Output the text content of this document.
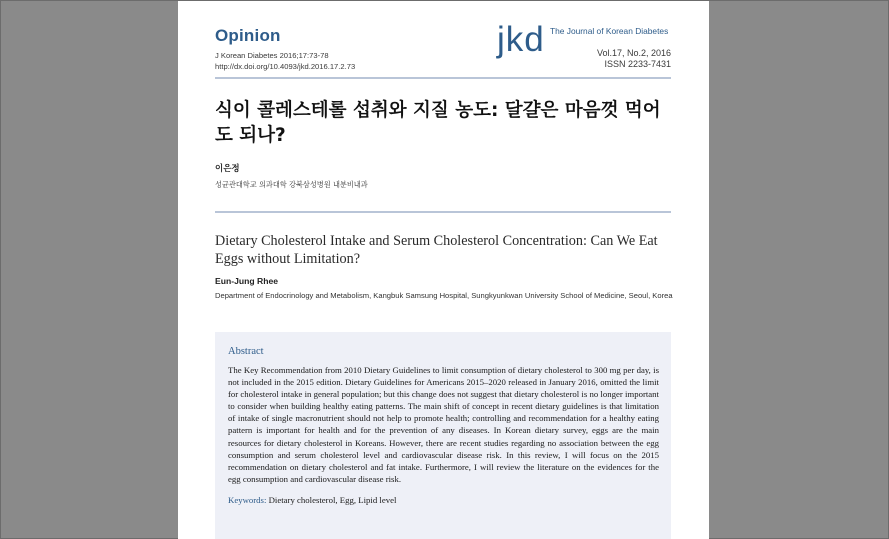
Opinion
J Korean Diabetes 2016;17:73-78
http://dx.doi.org/10.4093/jkd.2016.17.2.73
jkd The Journal of Korean Diabetes
Vol.17, No.2, 2016
ISSN 2233-7431
식이 콜레스테롤 섭취와 지질 농도: 달걀은 마음껏 먹어도 되나?
이은정
성균관대학교 의과대학 강북삼성병원 내분비내과
Dietary Cholesterol Intake and Serum Cholesterol Concentration: Can We Eat Eggs without Limitation?
Eun-Jung Rhee
Department of Endocrinology and Metabolism, Kangbuk Samsung Hospital, Sungkyunkwan University School of Medicine, Seoul, Korea
Abstract
The Key Recommendation from 2010 Dietary Guidelines to limit consumption of dietary cholesterol to 300 mg per day, is not included in the 2015 edition. Dietary Guidelines for Americans 2015–2020 released in January 2016, omitted the limit for cholesterol intake in general population; but this change does not suggest that dietary cholesterol is no longer important to consider when building healthy eating patterns. The main shift of concept in recent dietary guidelines is that limitation of intake of single macronutrient should not help to promote health; controlling and recommendation for a healthy eating pattern is important for health and for the prevention of any diseases. In Korean dietary survey, eggs are the main resources for dietary cholesterol in Koreans. However, there are recent studies regarding no association between the egg consumption and serum cholesterol level and cardiovascular disease risk. In this review, I will focus on the 2015 recommendation on dietary cholesterol and fat intake. Furthermore, I will review the literature on the evidences for the egg consumption and cardiovascular disease risk.
Keywords: Dietary cholesterol, Egg, Lipid level
